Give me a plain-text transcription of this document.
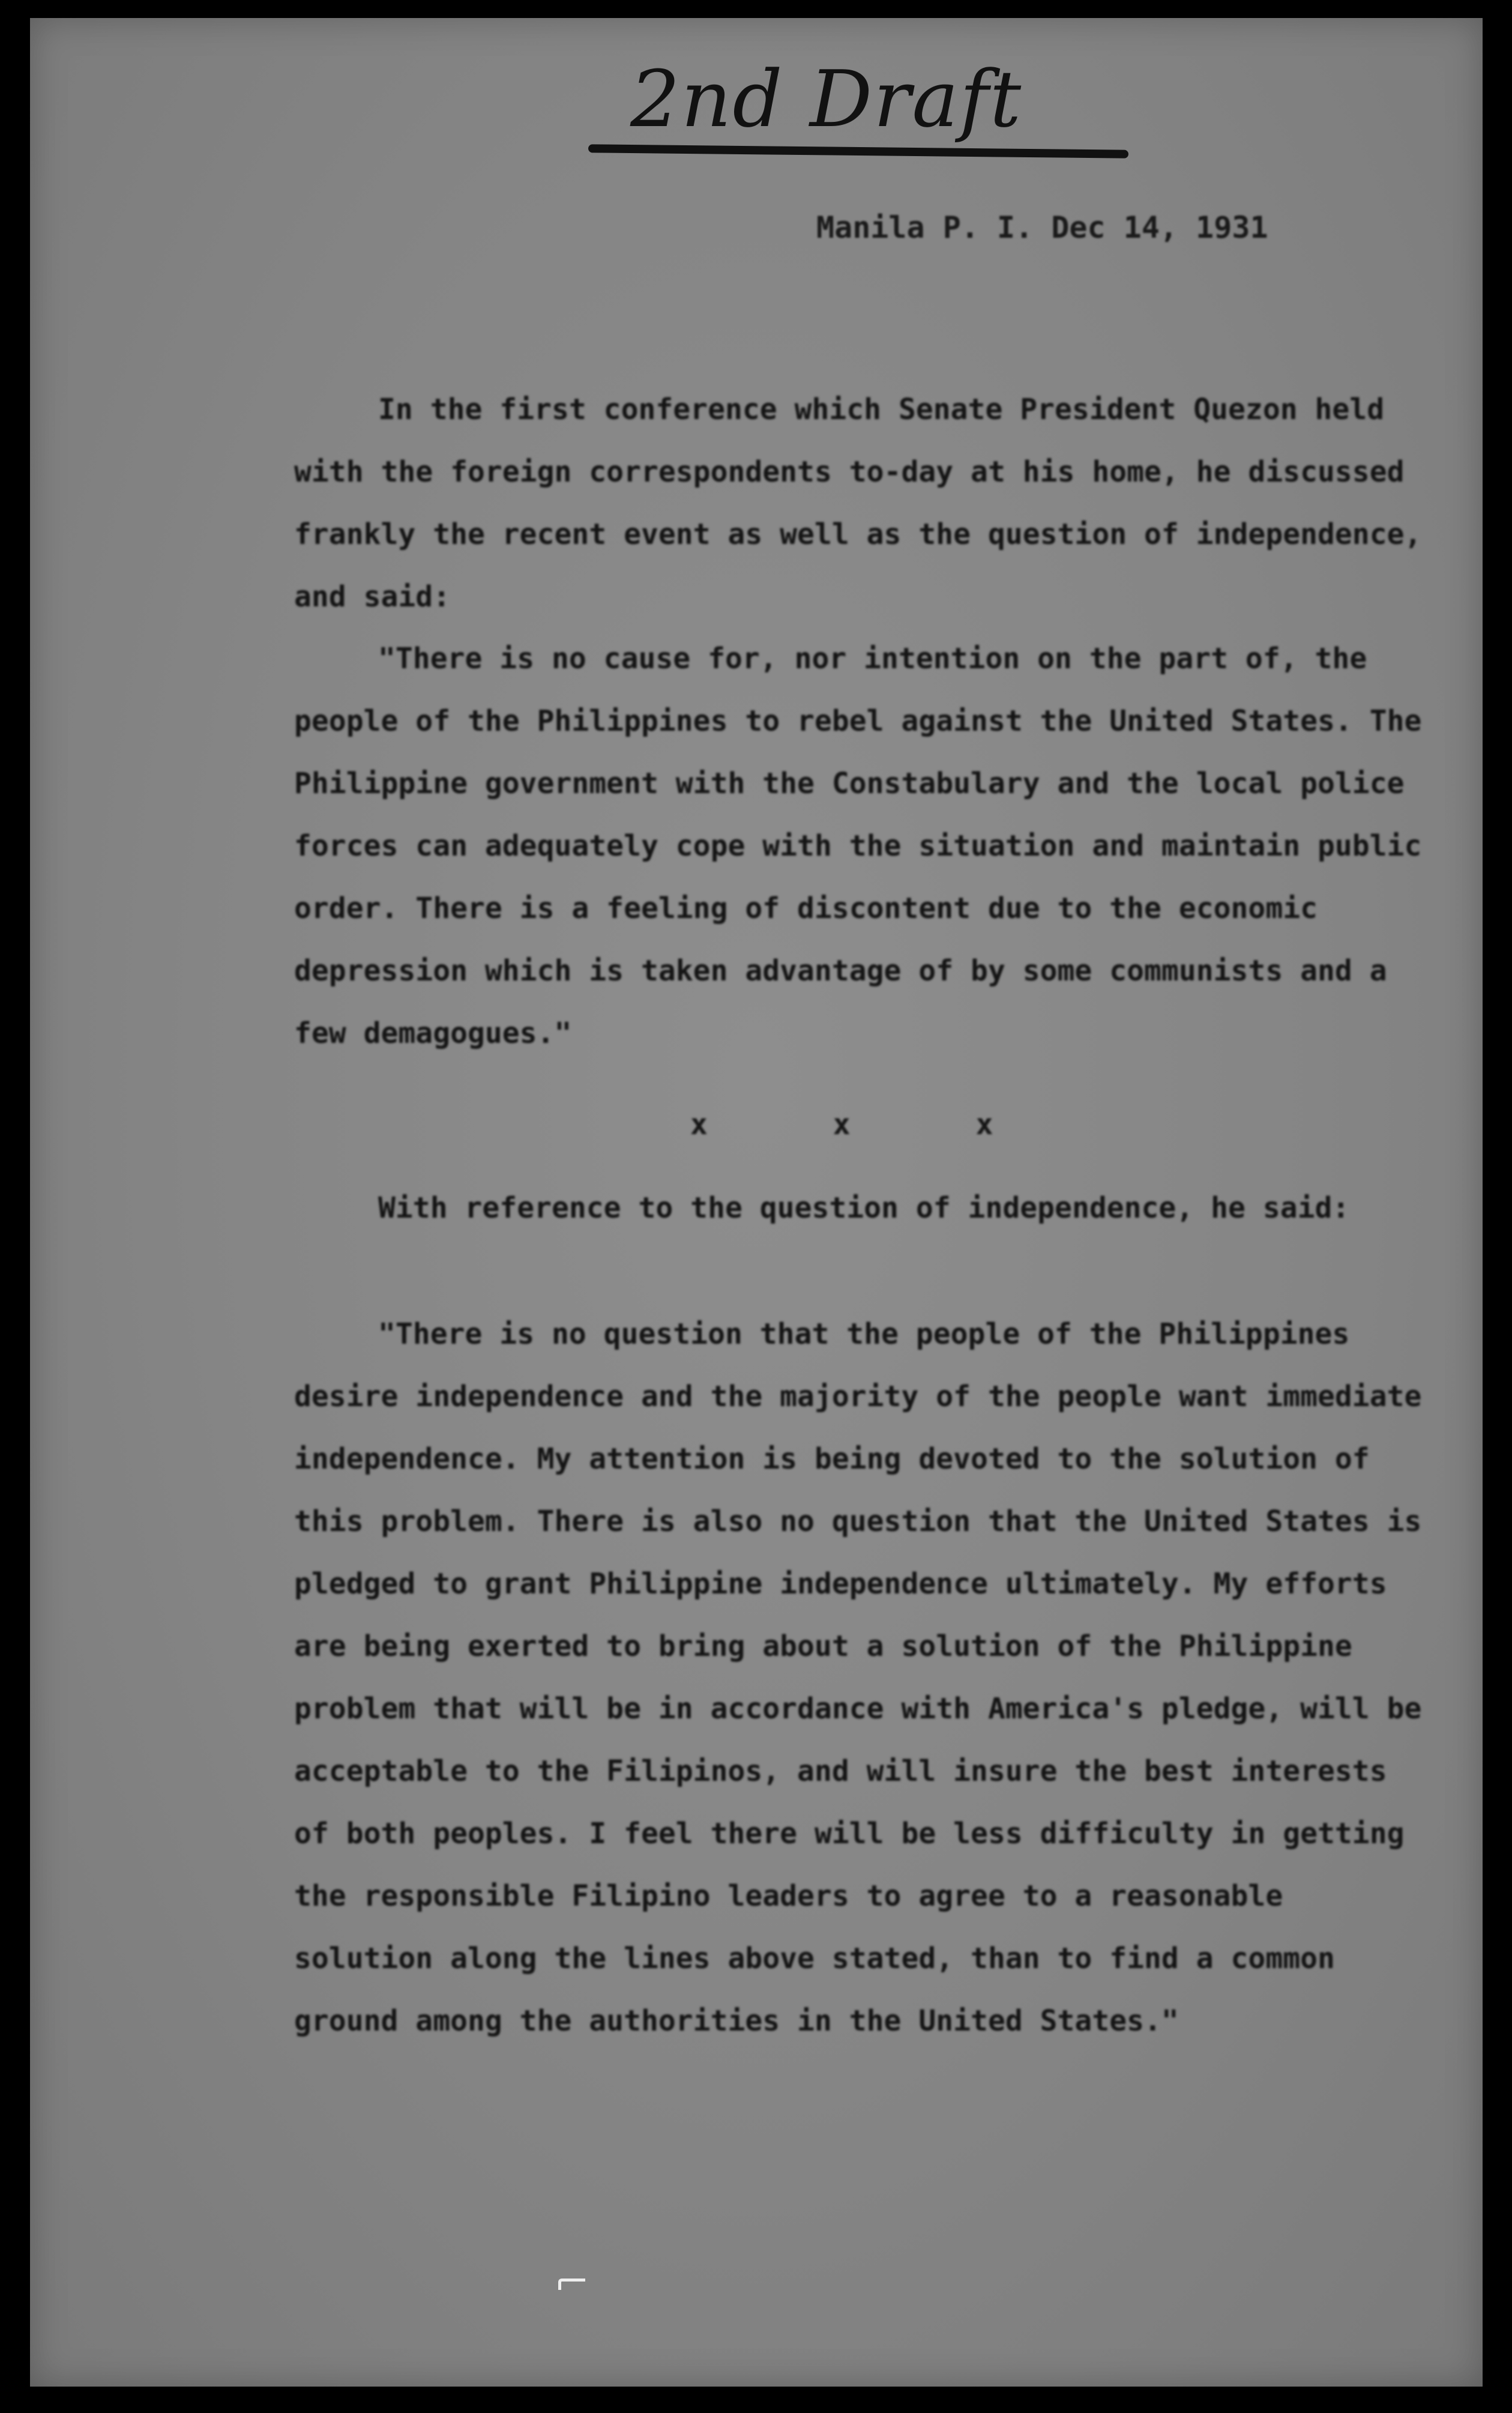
2nd Draft
Manila P. I. Dec 14, 1931

In the first conference which Senate President Quezon held with the foreign correspondents to-day at his home, he discussed frankly the recent event as well as the question of independence, and said:

"There is no cause for, nor intention on the part of, the people of the Philippines to rebel against the United States. The Philippine government with the Constabulary and the local police forces can adequately cope with the situation and maintain public order. There is a feeling of discontent due to the economic depression which is taken advantage of by some communists and a few demagogues."

x x x

With reference to the question of independence, he said:

"There is no question that the people of the Philippines desire independence and the majority of the people want immediate independence. My attention is being devoted to the solution of this problem. There is also no question that the United States is pledged to grant Philippine independence ultimately. My efforts are being exerted to bring about a solution of the Philippine problem that will be in accordance with America's pledge, will be acceptable to the Filipinos, and will insure the best interests of both peoples. I feel there will be less difficulty in getting the responsible Filipino leaders to agree to a reasonable solution along the lines above stated, than to find a common ground among the authorities in the United States."
